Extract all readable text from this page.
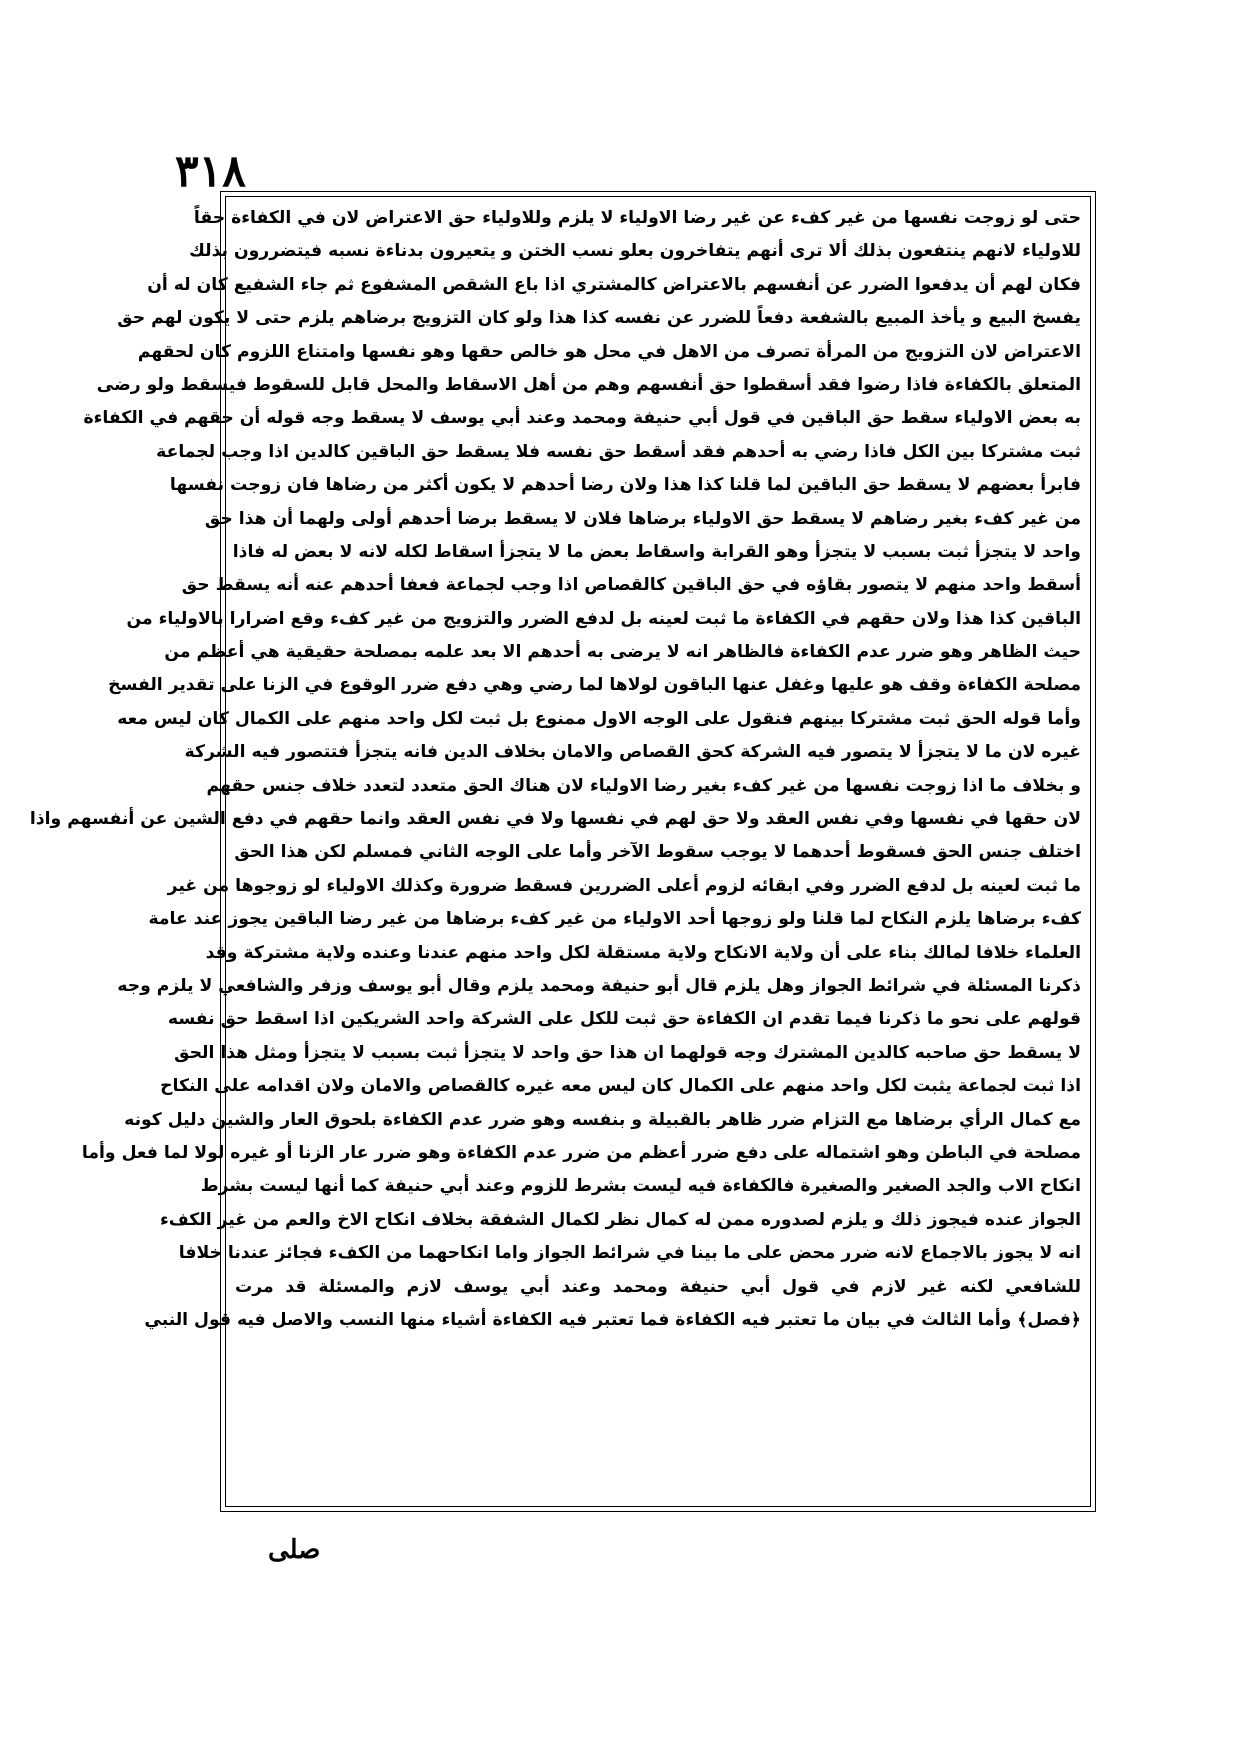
٣١٨
حتى لو زوجت نفسها من غير كفء عن غير رضا الاولياء لا يلزم وللاولياء حق الاعتراض لان في الكفاءة حقاً
للاولياء لانهم ينتفعون بذلك ألا ترى أنهم يتفاخرون بعلو نسب الختن و يتعيرون بدناءة نسبه فيتضررون بذلك
فكان لهم أن يدفعوا الضرر عن أنفسهم بالاعتراض كالمشتري اذا باع الشقص المشفوع ثم جاء الشفيع كان له أن
يفسخ البيع و يأخذ المبيع بالشفعة دفعاً للضرر عن نفسه كذا هذا ولو كان التزويج برضاهم يلزم حتى لا يكون لهم حق
الاعتراض لان التزويج من المرأة تصرف من الاهل في محل هو خالص حقها وهو نفسها وامتناع اللزوم كان لحقهم
المتعلق بالكفاءة فاذا رضوا فقد أسقطوا حق أنفسهم وهم من أهل الاسقاط والمحل قابل للسقوط فيسقط ولو رضى
به بعض الاولياء سقط حق الباقين في قول أبي حنيفة ومحمد وعند أبي يوسف لا يسقط وجه قوله أن حقهم في الكفاءة
ثبت مشتركا بين الكل فاذا رضي به أحدهم فقد أسقط حق نفسه فلا يسقط حق الباقين كالدين اذا وجب لجماعة
فابرأ بعضهم لا يسقط حق الباقين لما قلنا كذا هذا ولان رضا أحدهم لا يكون أكثر من رضاها فان زوجت نفسها
من غير كفء بغير رضاهم لا يسقط حق الاولياء برضاها فلان لا يسقط برضا أحدهم أولى ولهما أن هذا حق
واحد لا يتجزأ ثبت بسبب لا يتجزأ وهو القرابة واسقاط بعض ما لا يتجزأ اسقاط لكله لانه لا بعض له فاذا
أسقط واحد منهم لا يتصور بقاؤه في حق الباقين كالقصاص اذا وجب لجماعة فعفا أحدهم عنه أنه يسقط حق
الباقين كذا هذا ولان حقهم في الكفاءة ما ثبت لعينه بل لدفع الضرر والتزويج من غير كفء وقع اضرارا بالاولياء من
حيث الظاهر وهو ضرر عدم الكفاءة فالظاهر انه لا يرضى به أحدهم الا بعد علمه بمصلحة حقيقية هي أعظم من
مصلحة الكفاءة وقف هو عليها وغفل عنها الباقون لولاها لما رضي وهي دفع ضرر الوقوع في الزنا على تقدير الفسخ
وأما قوله الحق ثبت مشتركا بينهم فنقول على الوجه الاول ممنوع بل ثبت لكل واحد منهم على الكمال كان ليس معه
غيره لان ما لا يتجزأ لا يتصور فيه الشركة كحق القصاص والامان بخلاف الدين فانه يتجزأ فتتصور فيه الشركة
و بخلاف ما اذا زوجت نفسها من غير كفء بغير رضا الاولياء لان هناك الحق متعدد لتعدد خلاف جنس حقهم
لان حقها في نفسها وفي نفس العقد ولا حق لهم في نفسها ولا في نفس العقد وانما حقهم في دفع الشين عن أنفسهم واذا
اختلف جنس الحق فسقوط أحدهما لا يوجب سقوط الآخر وأما على الوجه الثاني فمسلم لكن هذا الحق
ما ثبت لعينه بل لدفع الضرر وفي ابقائه لزوم أعلى الضررين فسقط ضرورة وكذلك الاولياء لو زوجوها من غير
كفء برضاها يلزم النكاح لما قلنا ولو زوجها أحد الاولياء من غير كفء برضاها من غير رضا الباقين يجوز عند عامة
العلماء خلافا لمالك بناء على أن ولاية الانكاح ولاية مستقلة لكل واحد منهم عندنا وعنده ولاية مشتركة وقد
ذكرنا المسئلة في شرائط الجواز وهل يلزم قال أبو حنيفة ومحمد يلزم وقال أبو يوسف وزفر والشافعي لا يلزم وجه
قولهم على نحو ما ذكرنا فيما تقدم ان الكفاءة حق ثبت للكل على الشركة واحد الشريكين اذا اسقط حق نفسه
لا يسقط حق صاحبه كالدين المشترك وجه قولهما ان هذا حق واحد لا يتجزأ ثبت بسبب لا يتجزأ ومثل هذا الحق
اذا ثبت لجماعة يثبت لكل واحد منهم على الكمال كان ليس معه غيره كالقصاص والامان ولان اقدامه على النكاح
مع كمال الرأي برضاها مع التزام ضرر ظاهر بالقبيلة و بنفسه وهو ضرر عدم الكفاءة بلحوق العار والشين دليل كونه
مصلحة في الباطن وهو اشتماله على دفع ضرر أعظم من ضرر عدم الكفاءة وهو ضرر عار الزنا أو غيره لولا لما فعل وأما
انكاح الاب والجد الصغير والصغيرة فالكفاءة فيه ليست بشرط للزوم وعند أبي حنيفة كما أنها ليست بشرط
الجواز عنده فيجوز ذلك و يلزم لصدوره ممن له كمال نظر لكمال الشفقة بخلاف انكاح الاخ والعم من غير الكفء
انه لا يجوز بالاجماع لانه ضرر محض على ما بينا في شرائط الجواز واما انكاحهما من الكفء فجائز عندنا خلافا
للشافعي لكنه غير لازم في قول أبي حنيفة ومحمد وعند أبي يوسف لازم والمسئلة قد مرت
﴿فصل﴾ وأما الثالث في بيان ما تعتبر فيه الكفاءة فما تعتبر فيه الكفاءة أشياء منها النسب والاصل فيه قول النبي
صلى
